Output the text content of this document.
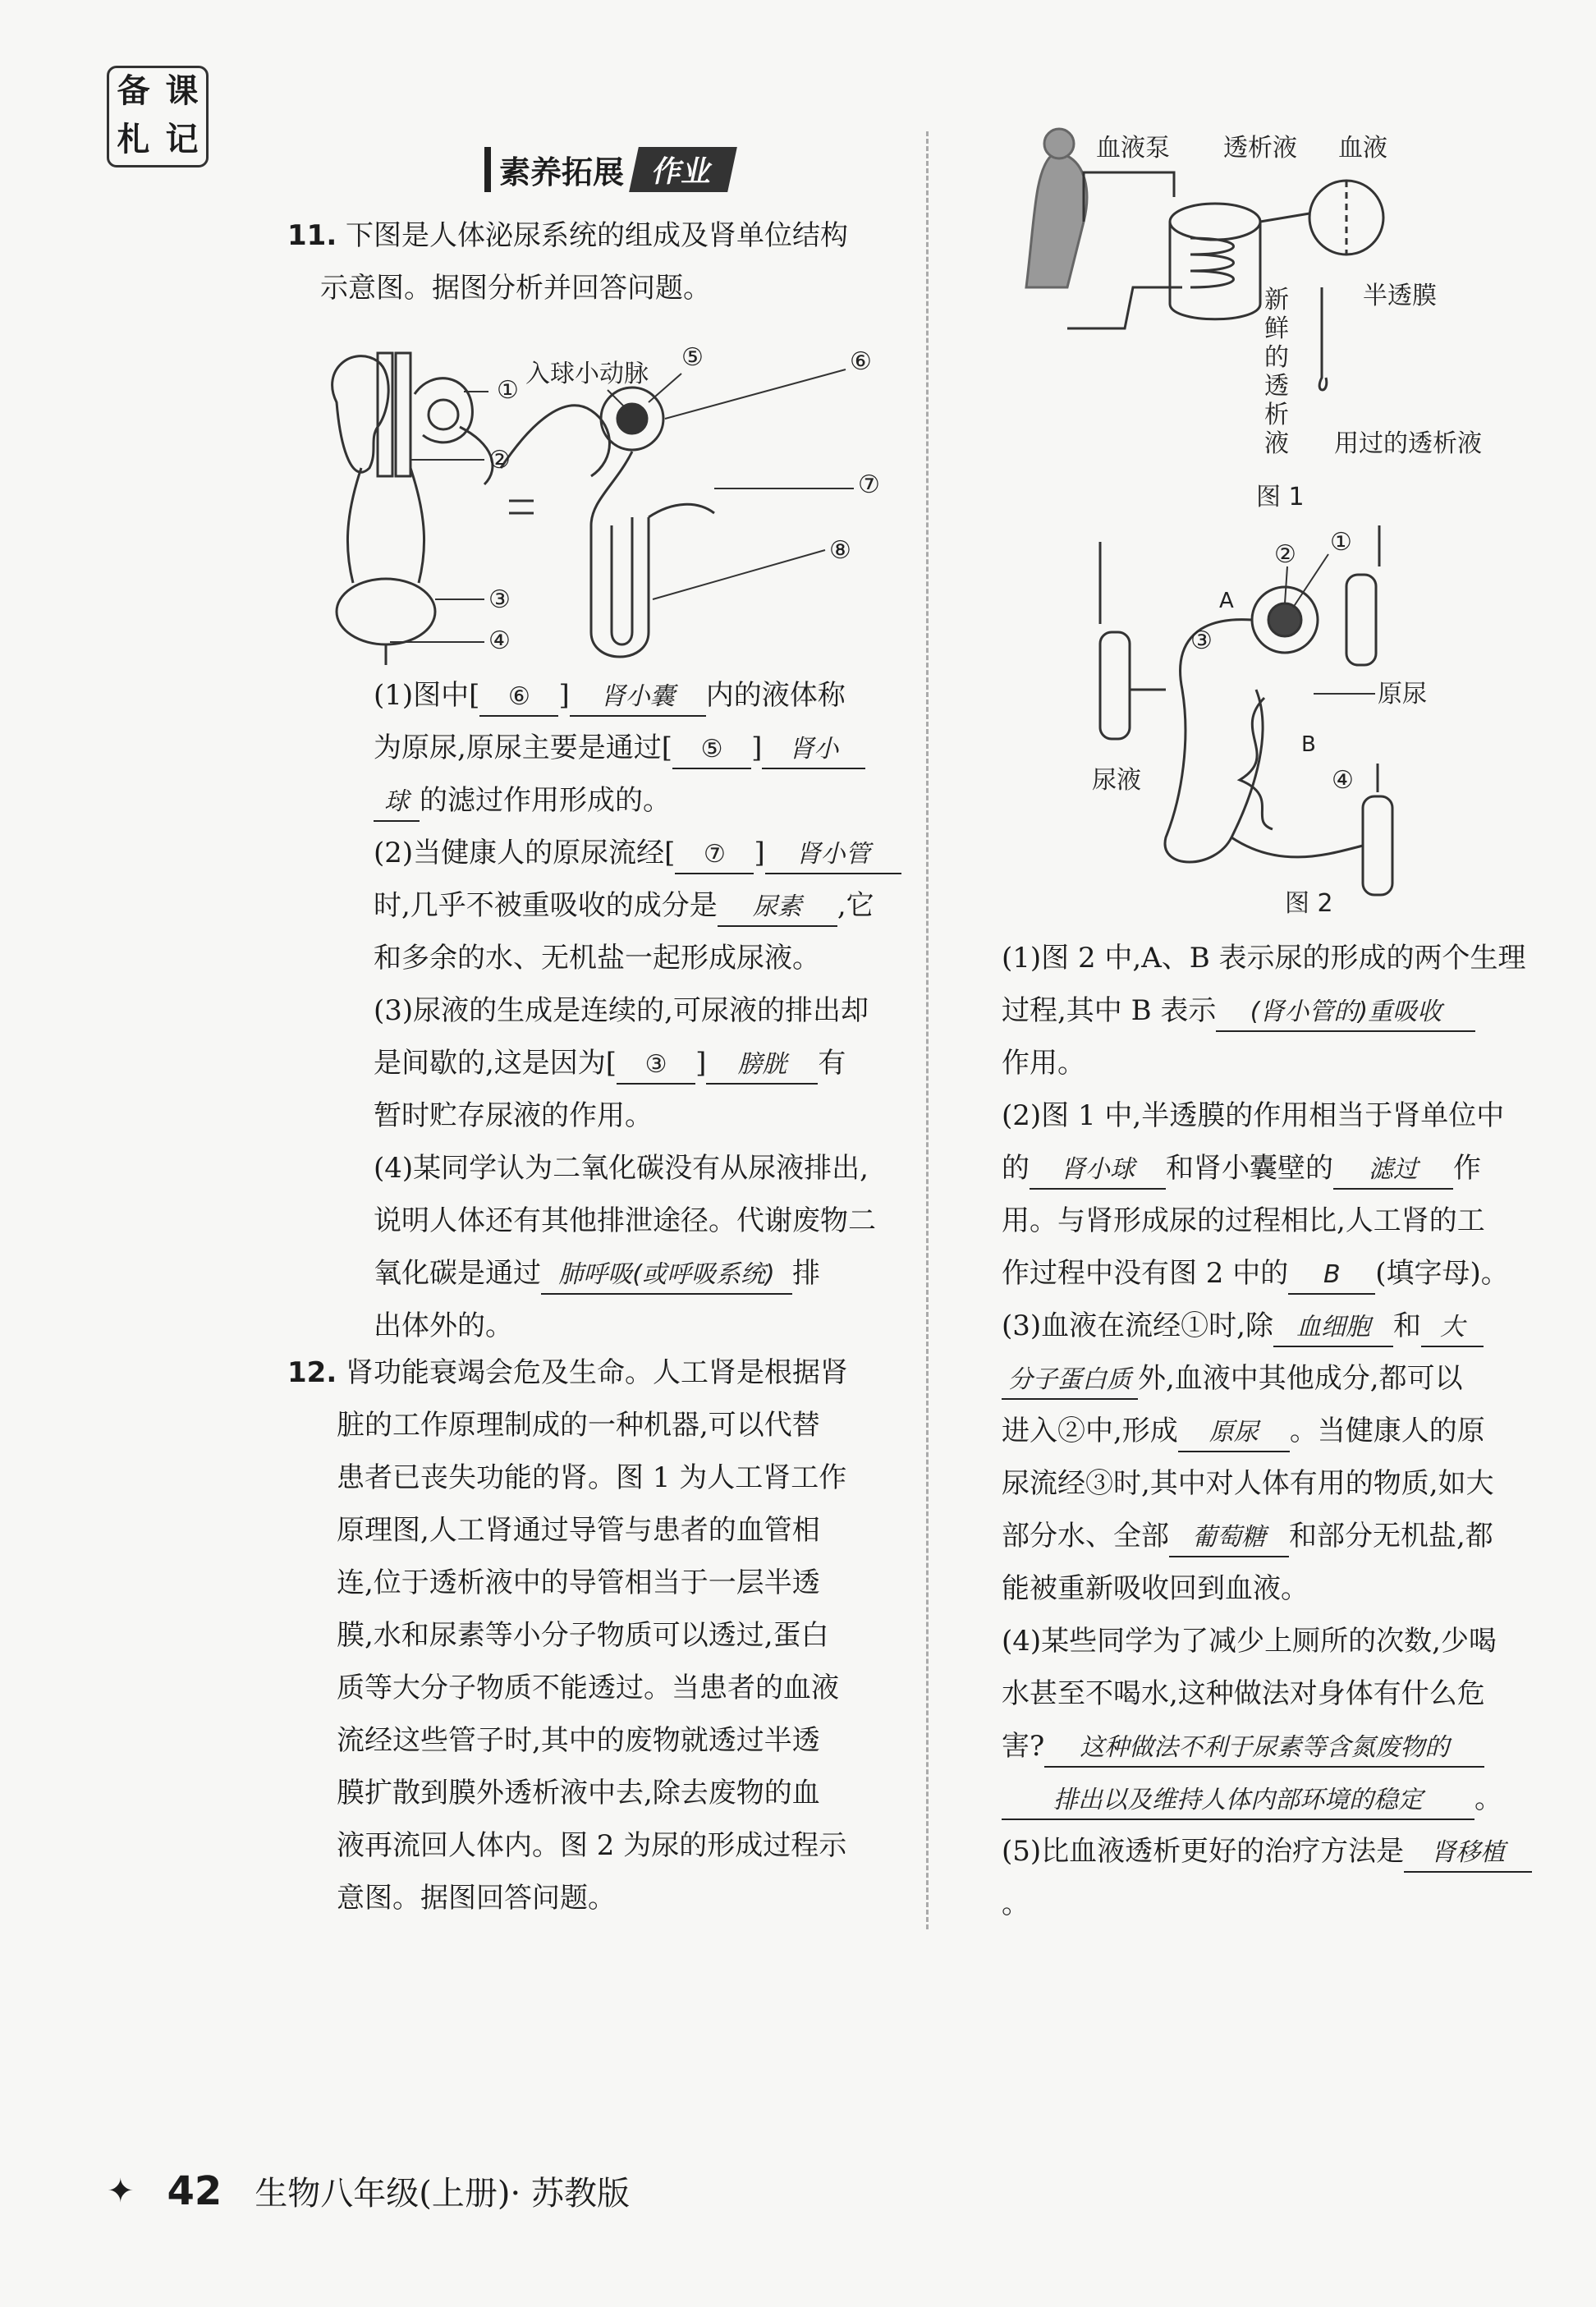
备 课
札 记
素养拓展 作业

11. 下图是人体泌尿系统的组成及肾单位结构

示意图。据图分析并回答问题。

入球小动脉
⑤	⑥
①
②
⑦
⑧
③
④

(1)图中[ ⑥ ] 肾小囊 内的液体称

为原尿,原尿主要是通过[ ⑤ ] 肾小

球 的滤过作用形成的。

(2)当健康人的原尿流经[ ⑦ ] 肾小管

时,几乎不被重吸收的成分是 尿素 ,它

和多余的水、无机盐一起形成尿液。

(3)尿液的生成是连续的,可尿液的排出却

是间歇的,这是因为[ ③ ] 膀胱 有

暂时贮存尿液的作用。

(4)某同学认为二氧化碳没有从尿液排出,

说明人体还有其他排泄途径。代谢废物二

氧化碳是通过 肺呼吸(或呼吸系统) 排

出体外的。

12. 肾功能衰竭会危及生命。人工肾是根据肾

脏的工作原理制成的一种机器,可以代替

患者已丧失功能的肾。图 1 为人工肾工作

原理图,人工肾通过导管与患者的血管相

连,位于透析液中的导管相当于一层半透

膜,水和尿素等小分子物质可以透过,蛋白

质等大分子物质不能透过。当患者的血液

流经这些管子时,其中的废物就透过半透

膜扩散到膜外透析液中去,除去废物的血

液再流回人体内。图 2 为尿的形成过程示

意图。据图回答问题。

血液泵 透析液 血液
半透膜
新
鲜
的
透
析
液 用过的透析液
图 1
①
②
③
④
A
B
原尿
尿液
图 2

(1)图 2 中,A、B 表示尿的形成的两个生理

过程,其中 B 表示 (肾小管的)重吸收

作用。

(2)图 1 中,半透膜的作用相当于肾单位中

的 肾小球 和肾小囊壁的 滤过 作

用。与肾形成尿的过程相比,人工肾的工

作过程中没有图 2 中的 B (填字母)。

(3)血液在流经①时,除 血细胞 和 大

分子蛋白质 外,血液中其他成分,都可以

进入②中,形成 原尿 。当健康人的原

尿流经③时,其中对人体有用的物质,如大

部分水、全部 葡萄糖 和部分无机盐,都

能被重新吸收回到血液。

(4)某些同学为了减少上厕所的次数,少喝

水甚至不喝水,这种做法对身体有什么危

害? 这种做法不利于尿素等含氮废物的

排出以及维持人体内部环境的稳定 。

(5)比血液透析更好的治疗方法是 肾移植。

✦ 42 生物八年级(上册)· 苏教版
